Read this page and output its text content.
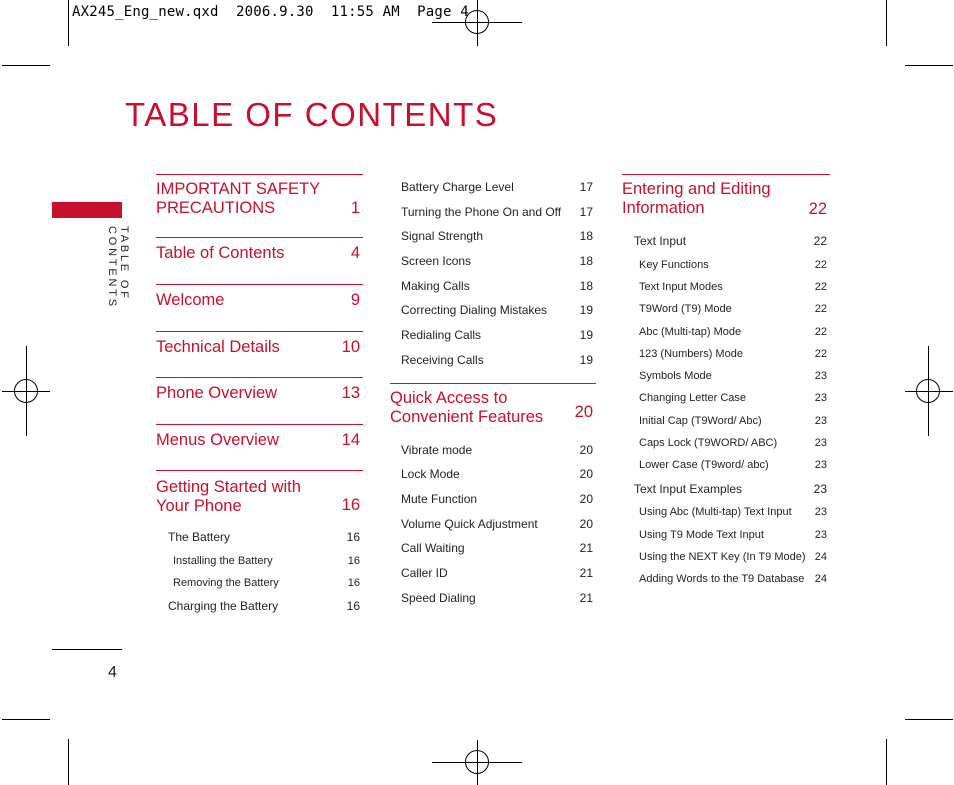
AX245_Eng_new.qxd  2006.9.30  11:55 AM  Page 4
TABLE OF CONTENTS
TABLE OF CONTENTS
4
IMPORTANT SAFETY PRECAUTIONS	1
Table of Contents	4
Welcome	9
Technical Details	10
Phone Overview	13
Menus Overview	14
Getting Started with Your Phone	16
The Battery	16
Installing the Battery	16
Removing the Battery	16
Charging the Battery	16
Battery Charge Level	17
Turning the Phone On and Off 17
Signal Strength	18
Screen Icons	18
Making Calls	18
Correcting Dialing Mistakes	19
Redialing Calls	19
Receiving Calls	19
Quick Access to Convenient Features	20
Vibrate mode	20
Lock Mode	20
Mute Function	20
Volume Quick Adjustment	20
Call Waiting	21
Caller ID	21
Speed Dialing	21
Entering and Editing Information	22
Text Input	22
Key Functions	22
Text Input Modes	22
T9Word (T9) Mode	22
Abc (Multi-tap) Mode	22
123 (Numbers) Mode	22
Symbols Mode	23
Changing Letter Case	23
Initial Cap (T9Word/ Abc)	23
Caps Lock (T9WORD/ ABC)	23
Lower Case (T9word/ abc)	23
Text Input Examples	23
Using Abc (Multi-tap) Text Input 23
Using T9 Mode Text Input	23
Using the NEXT Key (In T9 Mode) 24
Adding Words to the T9 Database 24
